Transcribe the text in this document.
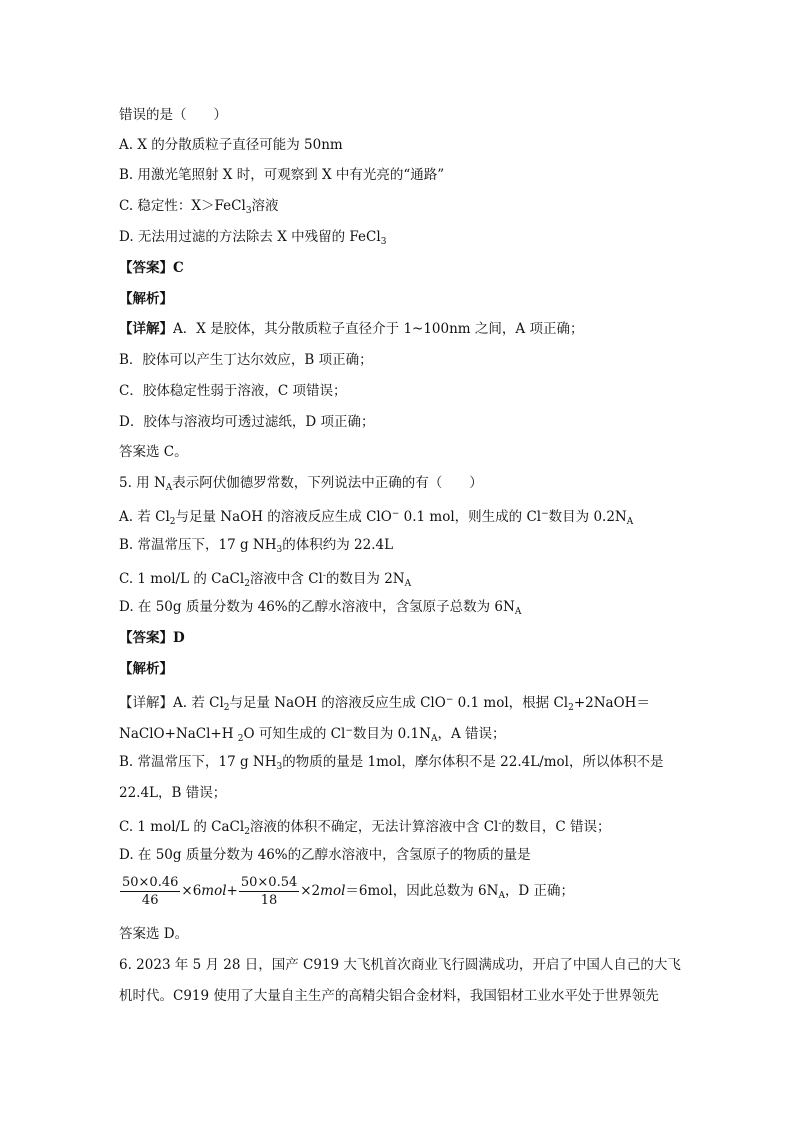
错误的是（　　）
A. X 的分散质粒子直径可能为 50nm
B. 用激光笔照射 X 时，可观察到 X 中有光亮的“通路”
C. 稳定性：X＞FeCl$_3$溶液
D. 无法用过滤的方法除去 X 中残留的 FeCl$_3$
【答案】C
【解析】
【详解】A．X 是胶体，其分散质粒子直径介于 1~100nm 之间，A 项正确；
B．胶体可以产生丁达尔效应，B 项正确；
C．胶体稳定性弱于溶液，C 项错误；
D．胶体与溶液均可透过滤纸，D 项正确；
答案选 C。
5. 用 $N_A$表示阿伏伽德罗常数，下列说法中正确的有（　　）
A. 若 $Cl_2$与足量 NaOH 的溶液反应生成 ClO− 0.1 mol，则生成的 Cl−数目为 $0.2N_A$
B. 常温常压下，17 g $NH_3$的体积约为 22.4L
C. 1 mol/L 的 CaCl$_2$溶液中含 Cl-的数目为 $2N_A$
D. 在 50g 质量分数为 46%的乙醇水溶液中，含氢原子总数为 $6N_A$
【答案】D
【解析】
【详解】A. 若 $Cl_2$与足量 NaOH 的溶液反应生成 ClO− 0.1 mol，根据 $Cl_2+2NaOH=$
NaClO+NaCl+H $_2$O 可知生成的 Cl−数目为 $0.1N_A$，A 错误；
B. 常温常压下，17 g $NH_3$的物质的量是 1mol，摩尔体积不是 22.4L/mol，所以体积不是
22.4L，B 错误；
C. 1 mol/L 的 CaCl$_2$溶液的体积不确定，无法计算溶液中含 Cl-的数目，C 错误；
D. 在 50g 质量分数为 46%的乙醇水溶液中，含氢原子的物质的量是
$\frac{50\times 0.46}{46} \times 6mol+ \frac{50\times 0.54}{18} \times 2mol=6mol$，因此总数为 $6N_A$，D 正确；
答案选 D。
6. 2023 年 5 月 28 日，国产 C919 大飞机首次商业飞行圆满成功，开启了中国人自己的大飞
机时代。C919 使用了大量自主生产的高精尖铝合金材料，我国铝材工业水平处于世界领先
